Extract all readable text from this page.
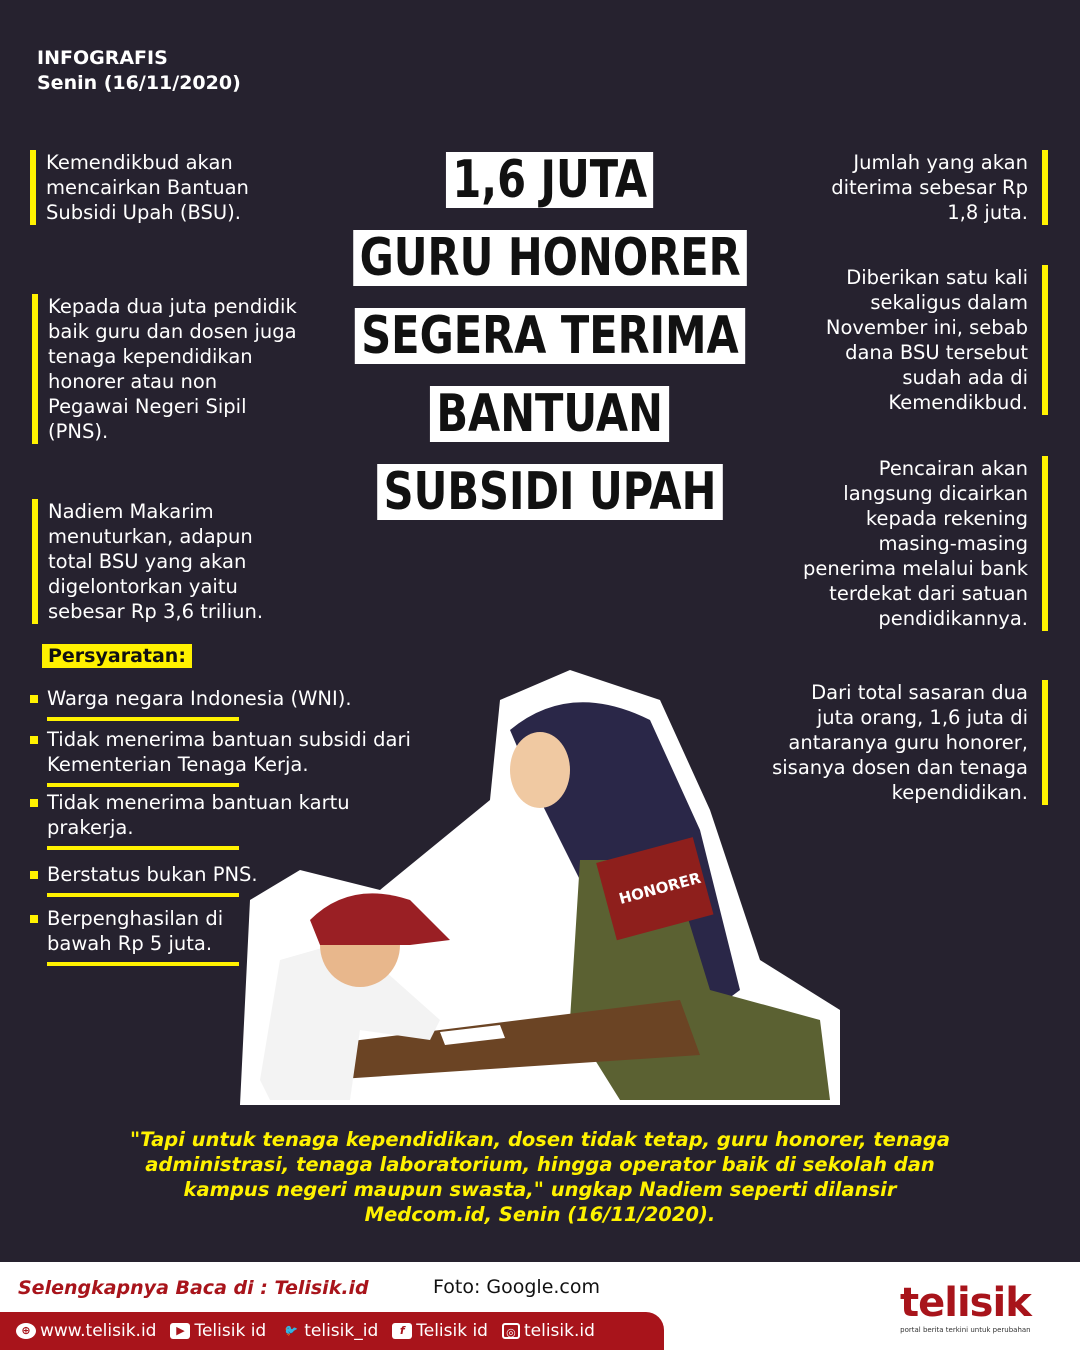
INFOGRAFIS
Senin (16/11/2020)
Kemendikbud akan mencairkan Bantuan Subsidi Upah (BSU).
Kepada dua juta pendidik baik guru dan dosen juga tenaga kependidikan honorer atau non Pegawai Negeri Sipil (PNS).
Nadiem Makarim menuturkan, adapun total BSU yang akan digelontorkan yaitu sebesar Rp 3,6 triliun.
1,6 JUTA
GURU HONORER
SEGERA TERIMA
BANTUAN
SUBSIDI UPAH
Jumlah yang akan diterima sebesar Rp 1,8 juta.
Diberikan satu kali sekaligus dalam November ini, sebab dana BSU tersebut sudah ada di Kemendikbud.
Pencairan akan langsung dicairkan kepada rekening masing-masing penerima melalui bank terdekat dari satuan pendidikannya.
Dari total sasaran dua juta orang, 1,6 juta di antaranya guru honorer, sisanya dosen dan tenaga kependidikan.
Persyaratan:
Warga negara Indonesia (WNI).
Tidak menerima bantuan subsidi dari Kementerian Tenaga Kerja.
Tidak menerima bantuan kartu prakerja.
Berstatus bukan PNS.
Berpenghasilan di bawah Rp 5 juta.
HONORER
"Tapi untuk tenaga kependidikan, dosen tidak tetap, guru honorer, tenaga administrasi, tenaga laboratorium, hingga operator baik di sekolah dan kampus negeri maupun swasta," ungkap Nadiem seperti dilansir Medcom.id, Senin (16/11/2020).
Selengkapnya Baca di : Telisik.id	Foto: Google.com
⊕ www.telisik.id	▶ Telisik id 🐦 telisik_id	f Telisik id	◎ telisik.id
telisik
portal berita terkini untuk perubahan
